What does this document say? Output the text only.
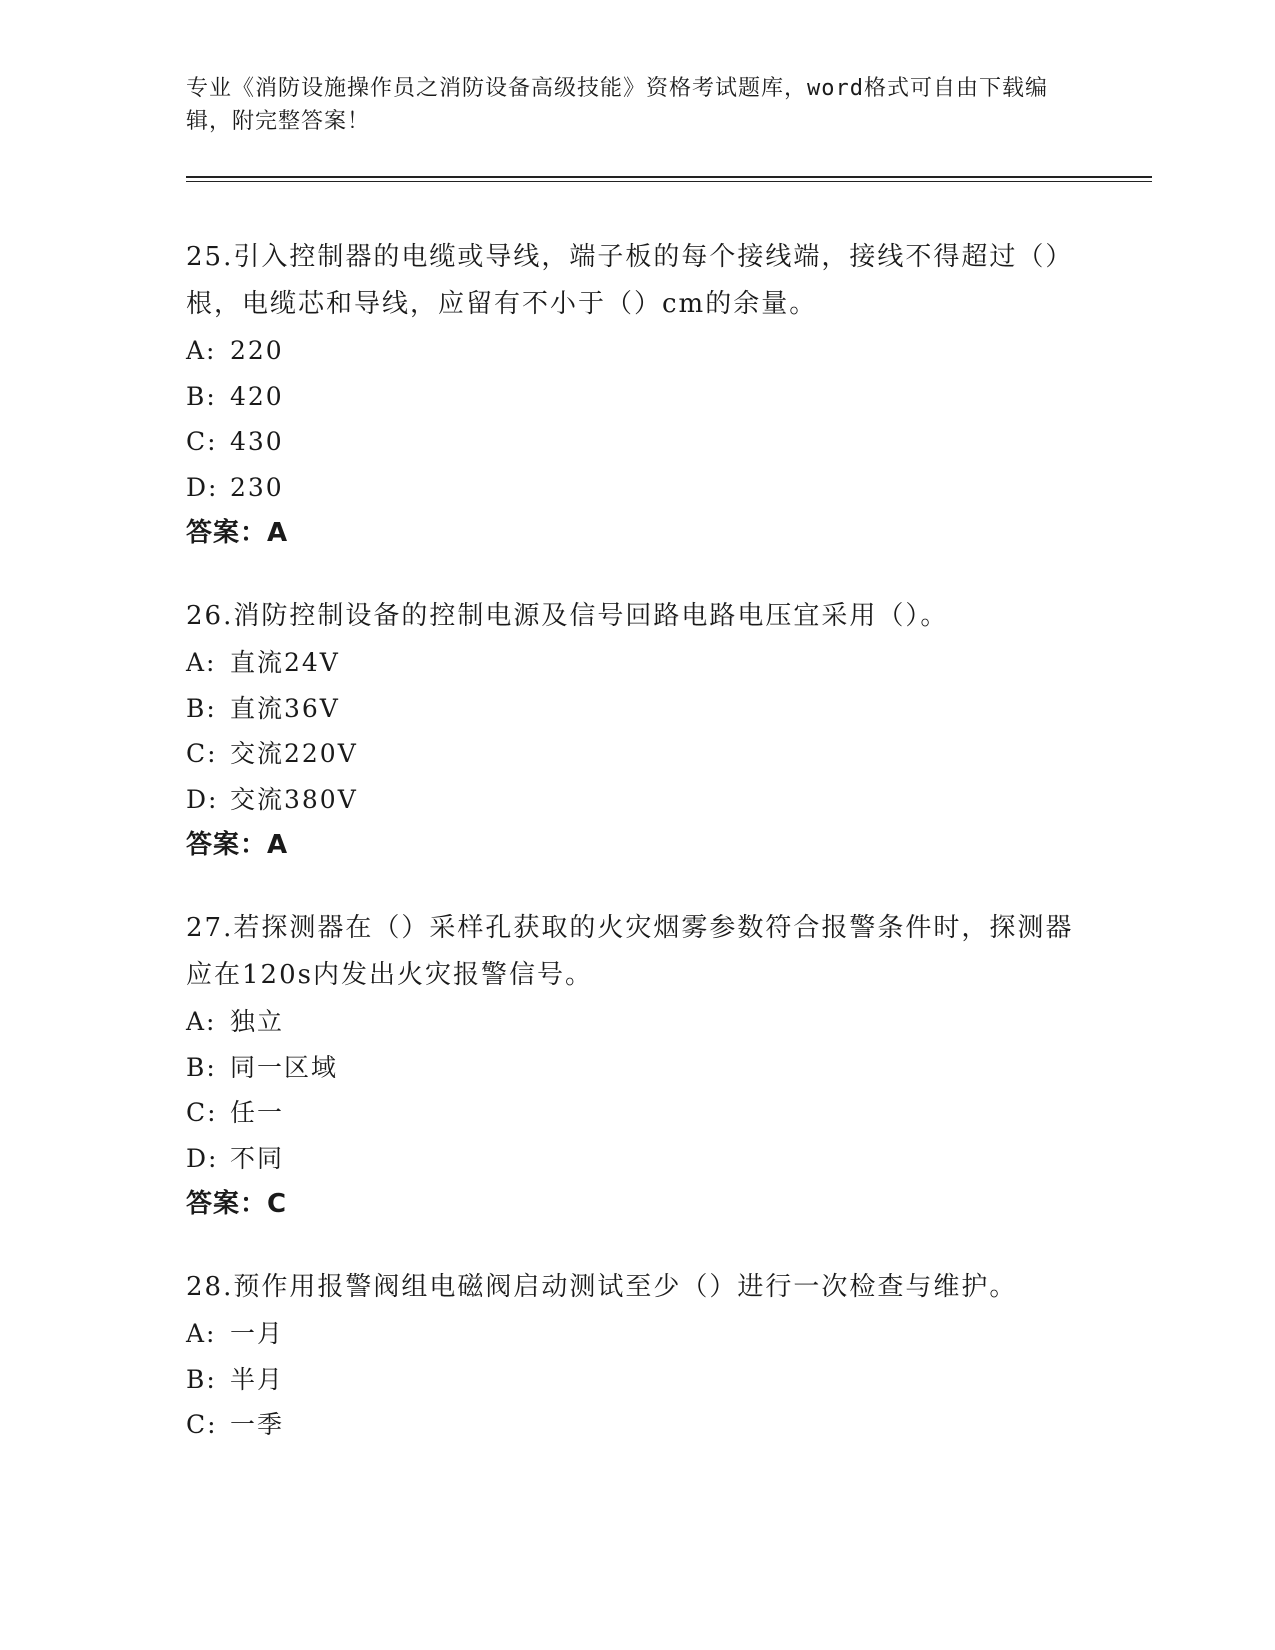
专业《消防设施操作员之消防设备高级技能》资格考试题库，word格式可自由下载编辑，附完整答案！

25.引入控制器的电缆或导线，端子板的每个接线端，接线不得超过（）根，电缆芯和导线，应留有不小于（）cm的余量。

A: 220
B: 420
C: 430
D: 230
答案：A

26.消防控制设备的控制电源及信号回路电路电压宜采用（）。

A: 直流24V
B: 直流36V
C: 交流220V
D: 交流380V
答案：A

27.若探测器在（）采样孔获取的火灾烟雾参数符合报警条件时，探测器应在120s内发出火灾报警信号。

A: 独立
B: 同一区域
C: 任一
D: 不同
答案：C

28.预作用报警阀组电磁阀启动测试至少（）进行一次检查与维护。

A: 一月
B: 半月
C: 一季
